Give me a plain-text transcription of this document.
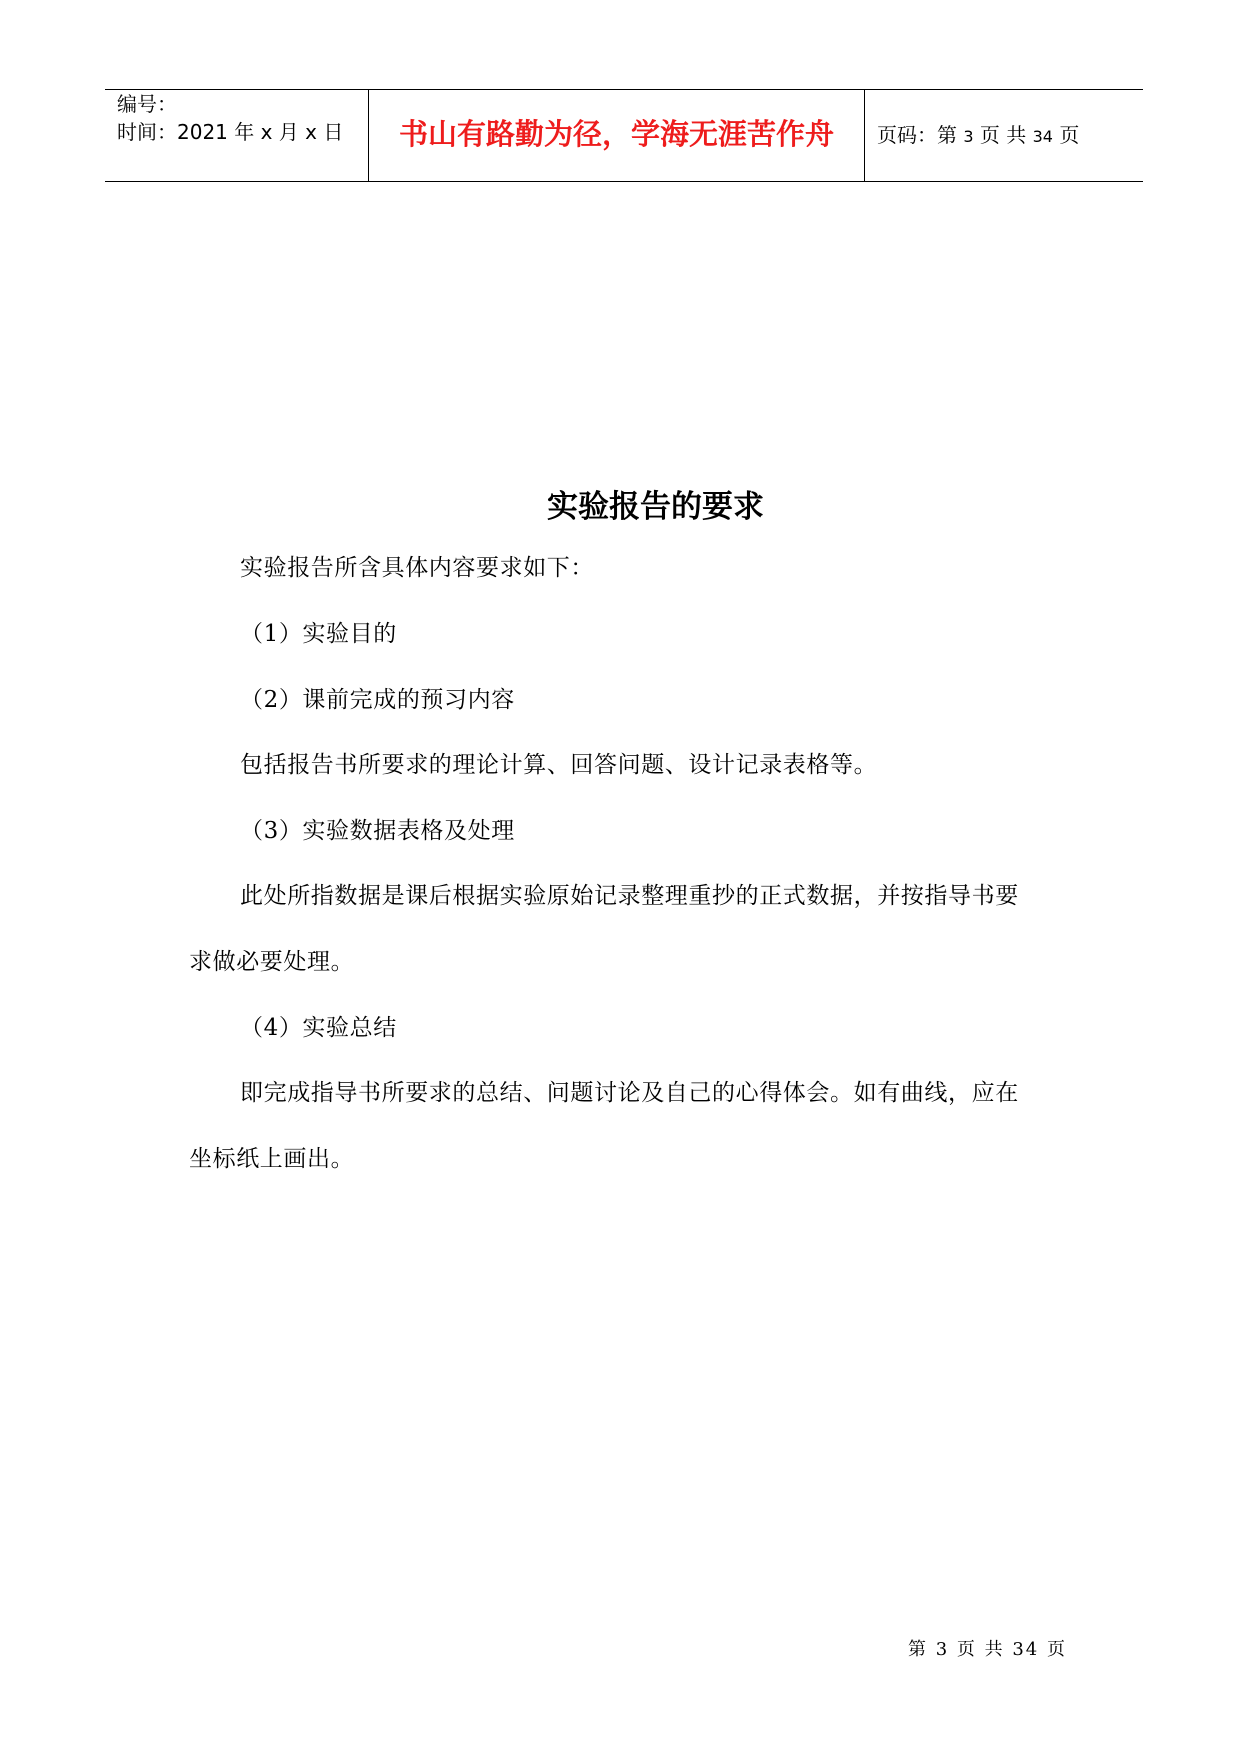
编号：
时间：2021 年 x 月 x 日	书山有路勤为径，学海无涯苦作舟	页码：第 3 页 共 34 页
实验报告的要求
实验报告所含具体内容要求如下：
（1）实验目的
（2）课前完成的预习内容
包括报告书所要求的理论计算、回答问题、设计记录表格等。
（3）实验数据表格及处理
此处所指数据是课后根据实验原始记录整理重抄的正式数据，并按指导书要
求做必要处理。
（4）实验总结
即完成指导书所要求的总结、问题讨论及自己的心得体会。如有曲线，应在
坐标纸上画出。
第 3 页 共 34 页
